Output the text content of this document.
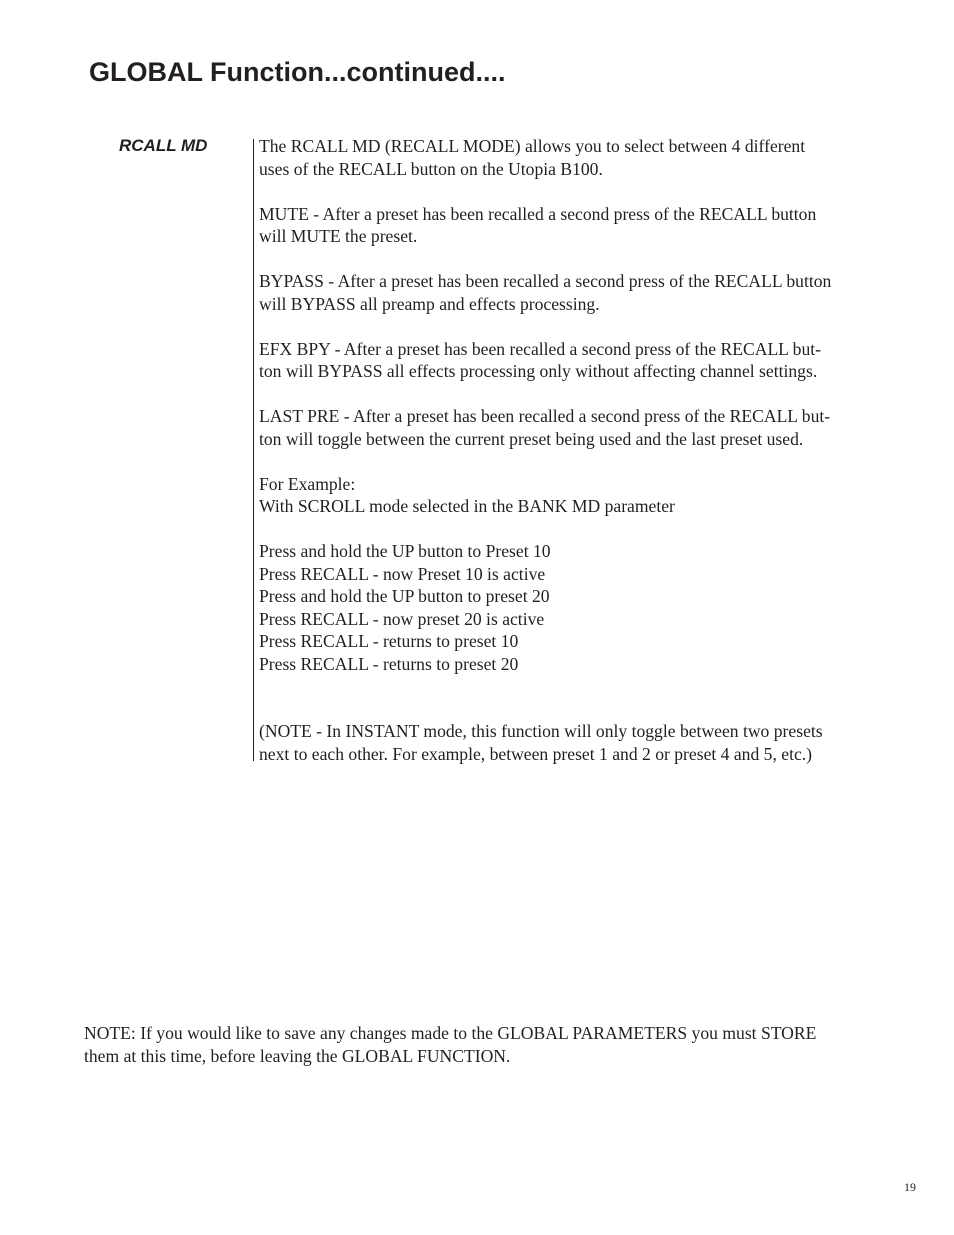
GLOBAL Function...continued....
RCALL MD	The RCALL MD (RECALL MODE) allows you to select between 4 different
uses of the RECALL button on the Utopia B100.

MUTE - After a preset has been recalled a second press of the RECALL button
will MUTE the preset.

BYPASS - After a preset has been recalled a second press of the RECALL button
will BYPASS all preamp and effects processing.

EFX BPY - After a preset has been recalled a second press of the RECALL but-
ton will BYPASS all effects processing only without affecting channel settings.

LAST PRE - After a preset has been recalled a second press of the RECALL but-
ton will toggle between the current preset being used and the last preset used.

For Example:
With SCROLL mode selected in the BANK MD parameter

Press and hold the UP button to Preset 10
Press RECALL - now Preset 10 is active
Press and hold the UP button to preset 20
Press RECALL - now preset 20 is active
Press RECALL - returns to preset 10
Press RECALL - returns to preset 20

(NOTE - In INSTANT mode, this function will only toggle between two presets
next to each other. For example, between preset 1 and 2 or preset 4 and 5, etc.)

NOTE: If you would like to save any changes made to the GLOBAL PARAMETERS you must STORE
them at this time, before leaving the GLOBAL FUNCTION.

19
